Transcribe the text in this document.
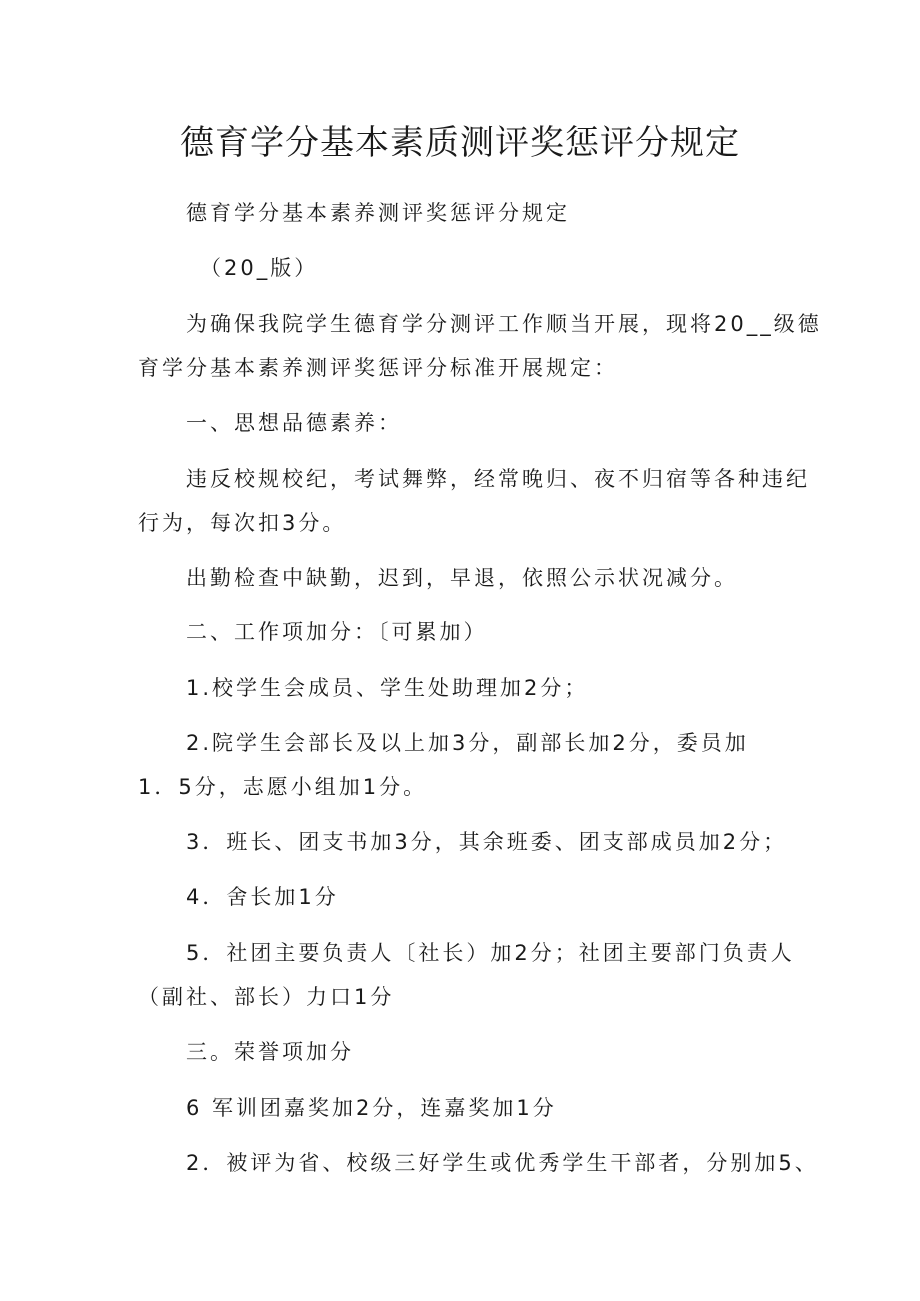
德育学分基本素质测评奖惩评分规定
德育学分基本素养测评奖惩评分规定
（20_版）
为确保我院学生德育学分测评工作顺当开展，现将20__级德
育学分基本素养测评奖惩评分标准开展规定：
一、思想品德素养：
违反校规校纪，考试舞弊，经常晚归、夜不归宿等各种违纪
行为，每次扣3分。
出勤检查中缺勤，迟到，早退，依照公示状况减分。
二、工作项加分：〔可累加）
1.校学生会成员、学生处助理加2分；
2.院学生会部长及以上加3分，副部长加2分，委员加
1．5分，志愿小组加1分。
3．班长、团支书加3分，其余班委、团支部成员加2分；
4．舍长加1分
5．社团主要负责人〔社长）加2分；社团主要部门负责人
（副社、部长）力口1分
三。荣誉项加分
6 军训团嘉奖加2分，连嘉奖加1分
2．被评为省、校级三好学生或优秀学生干部者，分别加5、
